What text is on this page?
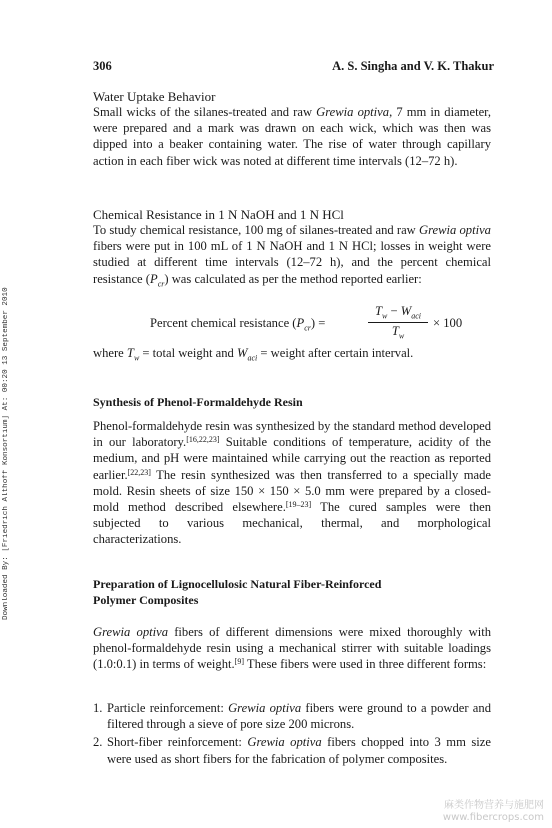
306	A. S. Singha and V. K. Thakur
Water Uptake Behavior

Small wicks of the silanes-treated and raw Grewia optiva, 7 mm in diameter, were prepared and a mark was drawn on each wick, which was then was dipped into a beaker containing water. The rise of water through capillary action in each fiber wick was noted at different time intervals (12–72 h).

Chemical Resistance in 1 N NaOH and 1 N HCl

To study chemical resistance, 100 mg of silanes-treated and raw Grewia optiva fibers were put in 100 mL of 1 N NaOH and 1 N HCl; losses in weight were studied at different time intervals (12–72 h), and the percent chemical resistance $(P_{cr})$ was calculated as per the method reported earlier:

Percent chemical resistance $(P_{cr})$ =
$T_w - W_{aci}$
$T_w$
× 100
where $T_w$ = total weight and $W_{aci}$ = weight after certain interval.
Synthesis of Phenol-Formaldehyde Resin

Phenol-formaldehyde resin was synthesized by the standard method developed in our laboratory.[16,22,23] Suitable conditions of temperature, acidity of the medium, and pH were maintained while carrying out the reaction as reported earlier.[22,23] The resin synthesized was then transferred to a specially made mold. Resin sheets of size 150 × 150 × 5.0 mm were prepared by a closed-mold method described elsewhere.[19–23] The cured samples were then subjected to various mechanical, thermal, and morphological characterizations.

Preparation of Lignocellulosic Natural Fiber-Reinforced
Polymer Composites

Grewia optiva fibers of different dimensions were mixed thoroughly with phenol-formaldehyde resin using a mechanical stirrer with suitable loadings (1.0:0.1) in terms of weight.[9] These fibers were used in three different forms:

1. Particle reinforcement: Grewia optiva fibers were ground to a powder and filtered through a sieve of pore size 200 microns.
2. Short-fiber reinforcement: Grewia optiva fibers chopped into 3 mm size were used as short fibers for the fabrication of polymer composites.
Downloaded By: [Friedrich Althoff Konsortium] At: 00:20 13 September 2010
麻类作物营养与施肥网
www.fibercrops.com
